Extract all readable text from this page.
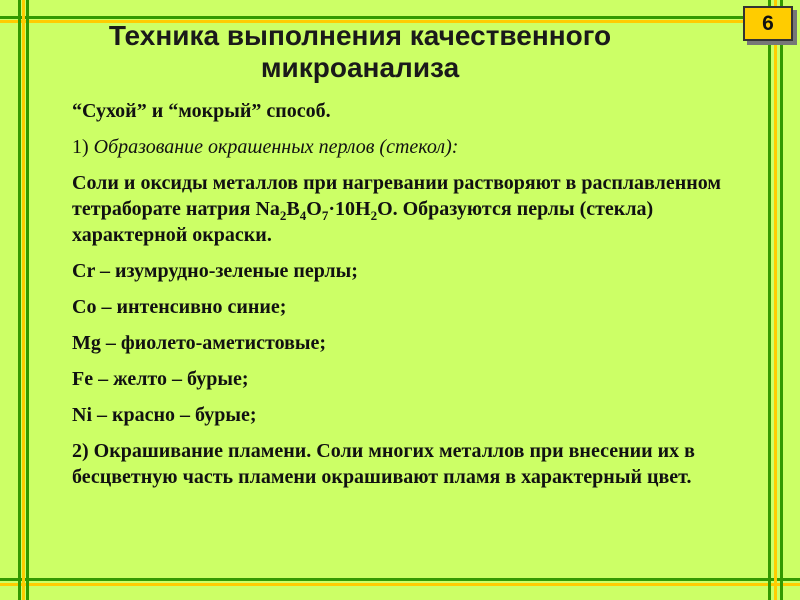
6
Техника выполнения качественного
микроанализа

“Сухой” и “мокрый” способ.

1) Образование окрашенных перлов (стекол):

Соли и оксиды металлов при нагревании растворяют в расплавленном тетраборате натрия $Na_2B_4O_7\cdot 10H_2O$. Образуются перлы (стекла) характерной окраски.

Cr – изумрудно-зеленые перлы;

Co – интенсивно синие;

Mg – фиолето-аметистовые;

Fe – желто – бурые;

Ni – красно – бурые;

2) Окрашивание пламени. Соли многих металлов при внесении их в бесцветную часть пламени окрашивают пламя в характерный цвет.
